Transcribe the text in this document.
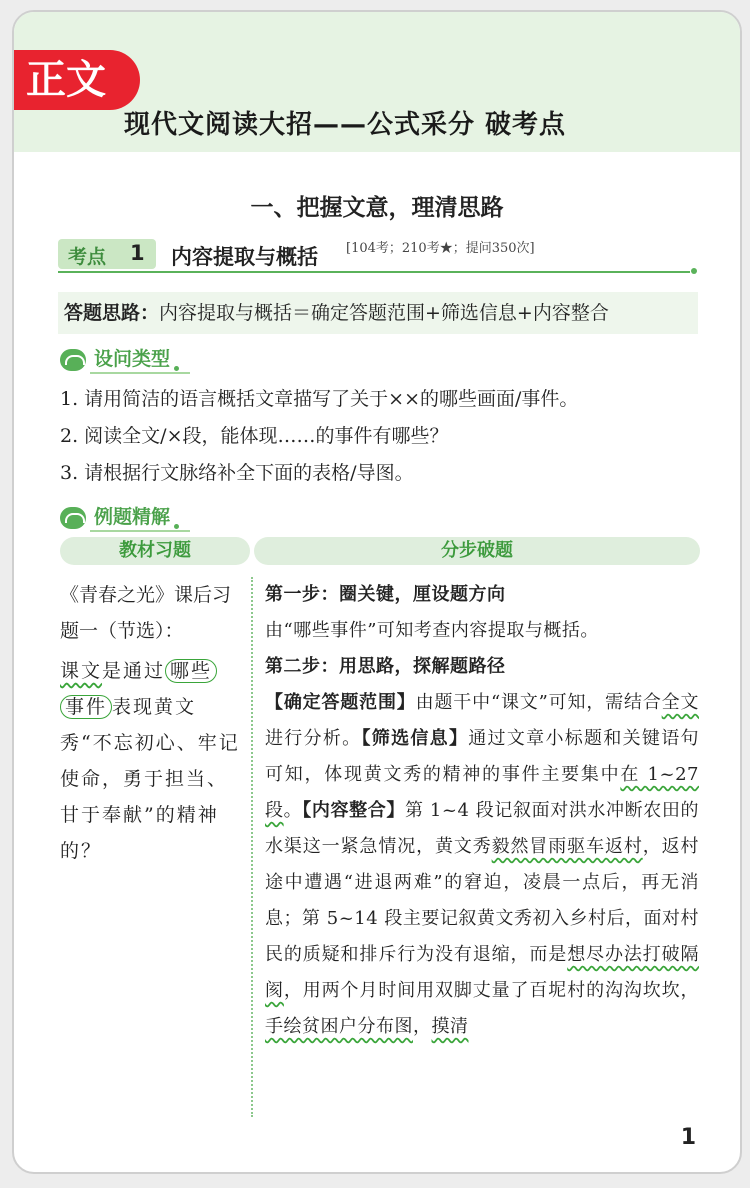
正文
现代文阅读大招——公式采分 破考点
一、把握文意，理清思路
考点 1 内容提取与概括 [104考；210考★；提问350次]
答题思路：内容提取与概括＝确定答题范围+筛选信息+内容整合
设问类型
1. 请用简洁的语言概括文章描写了关于××的哪些画面/事件。
2. 阅读全文/×段，能体现……的事件有哪些？
3. 请根据行文脉络补全下面的表格/导图。
例题精解
教材习题	分步破题

《青春之光》课后习题一（节选）：

课文是通过 哪些 事件 表现黄文秀“不忘初心、牢记使命，勇于担当、甘于奉献”的精神的？

第一步：圈关键，厘设题方向

由“哪些事件”可知考查内容提取与概括。

第二步：用思路，探解题路径

【确定答题范围】由题干中“课文”可知，需结合全文进行分析。【筛选信息】通过文章小标题和关键语句可知，体现黄文秀的精神的事件主要集中在 1~27 段。【内容整合】第 1~4 段记叙面对洪水冲断农田的水渠这一紧急情况，黄文秀毅然冒雨驱车返村，返村途中遭遇“进退两难”的窘迫，凌晨一点后，再无消息；第 5~14 段主要记叙黄文秀初入乡村后，面对村民的质疑和排斥行为没有退缩，而是想尽办法打破隔阂，用两个月时间用双脚丈量了百坭村的沟沟坎坎，手绘贫困户分布图，摸清

1
